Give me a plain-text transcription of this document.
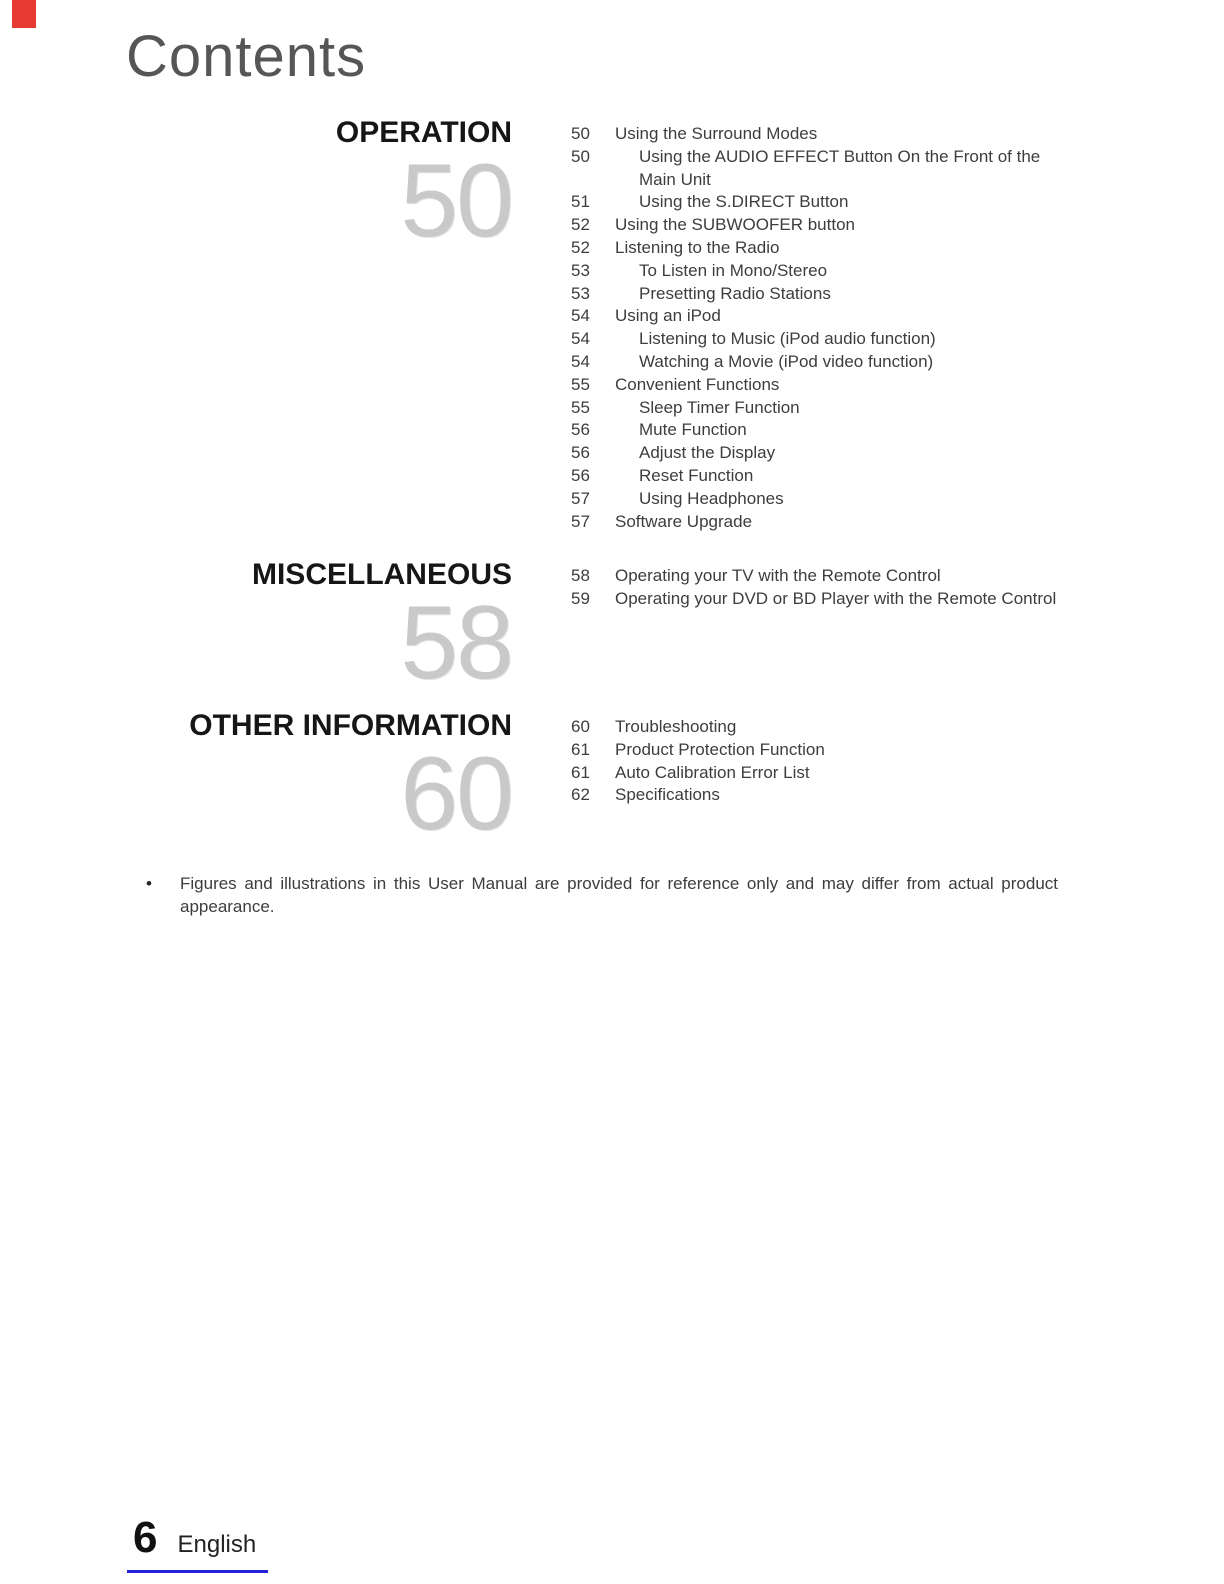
Contents
OPERATION
50
50	Using the Surround Modes
50	Using the AUDIO EFFECT Button On the Front of the Main Unit
51	Using the S.DIRECT Button
52	Using the SUBWOOFER button
52	Listening to the Radio
53	To Listen in Mono/Stereo
53	Presetting Radio Stations
54	Using an iPod
54	Listening to Music (iPod audio function)
54	Watching a Movie (iPod video function)
55	Convenient Functions
55	Sleep Timer Function
56	Mute Function
56	Adjust the Display
56	Reset Function
57	Using Headphones
57	Software Upgrade
MISCELLANEOUS
58
58	Operating your TV with the Remote Control
59	Operating your DVD or BD Player with the Remote Control
OTHER INFORMATION
60
60	Troubleshooting
61	Product Protection Function
61	Auto Calibration Error List
62	Specifications
•	Figures and illustrations in this User Manual are provided for reference only and may differ from actual product appearance.
6 English
